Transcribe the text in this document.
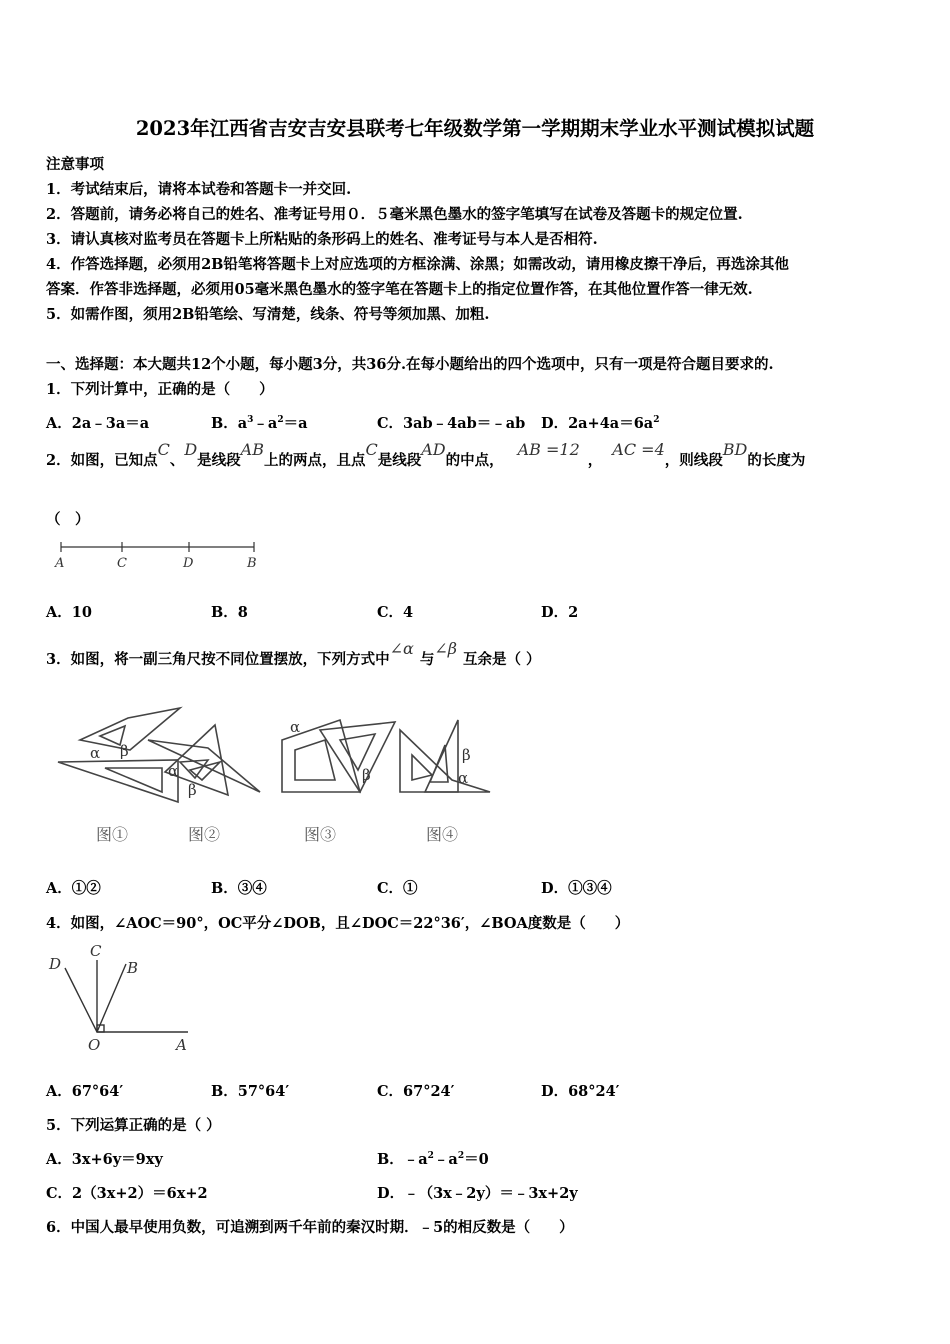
2023年江西省吉安吉安县联考七年级数学第一学期期末学业水平测试模拟试题
注意事项
1．考试结束后，请将本试卷和答题卡一并交回.
2．答题前，请务必将自己的姓名、准考证号用０．５毫米黑色墨水的签字笔填写在试卷及答题卡的规定位置.
3．请认真核对监考员在答题卡上所粘贴的条形码上的姓名、准考证号与本人是否相符.
4．作答选择题，必须用2B铅笔将答题卡上对应选项的方框涂满、涂黑；如需改动，请用橡皮擦干净后，再选涂其他
答案．作答非选择题，必须用05毫米黑色墨水的签字笔在答题卡上的指定位置作答，在其他位置作答一律无效.
5．如需作图，须用2B铅笔绘、写清楚，线条、符号等须加黑、加粗.
一、选择题：本大题共12个小题，每小题3分，共36分.在每小题给出的四个选项中，只有一项是符合题目要求的.
1．下列计算中，正确的是（　　）
A．2a﹣3a＝a	B．$a^3﹣a^2=a$	C．3ab﹣4ab＝﹣ab D．$2a+4a=6a^2$
2．如图，已知点C、D是线段AB上的两点，且点C是线段AD的中点，AB =12，AC =4，则线段BD的长度为
（　）
A	C	D	B
A．10	B．8	C．4	D．2
3．如图，将一副三角尺按不同位置摆放，下列方式中∠α与∠β互余是（ ）
α β
α
β
α
β
β
α
图①	图②	图③	图④
A．①②	B．③④	C．①	D．①③④
4．如图，∠AOC＝90°，OC平分∠DOB，且∠DOC＝22°36′，∠BOA度数是（　　）
D
C
B
O	A
A．67°64′	B．57°64′	C．67°24′	D．68°24′
5．下列运算正确的是（ ）
A．3x+6y＝9xy	B．$﹣a^2﹣a^2=0$
C．2（3x+2）＝6x+2	D．﹣（3x﹣2y）＝﹣3x+2y
6．中国人最早使用负数，可追溯到两千年前的秦汉时期．﹣5的相反数是（　　）
